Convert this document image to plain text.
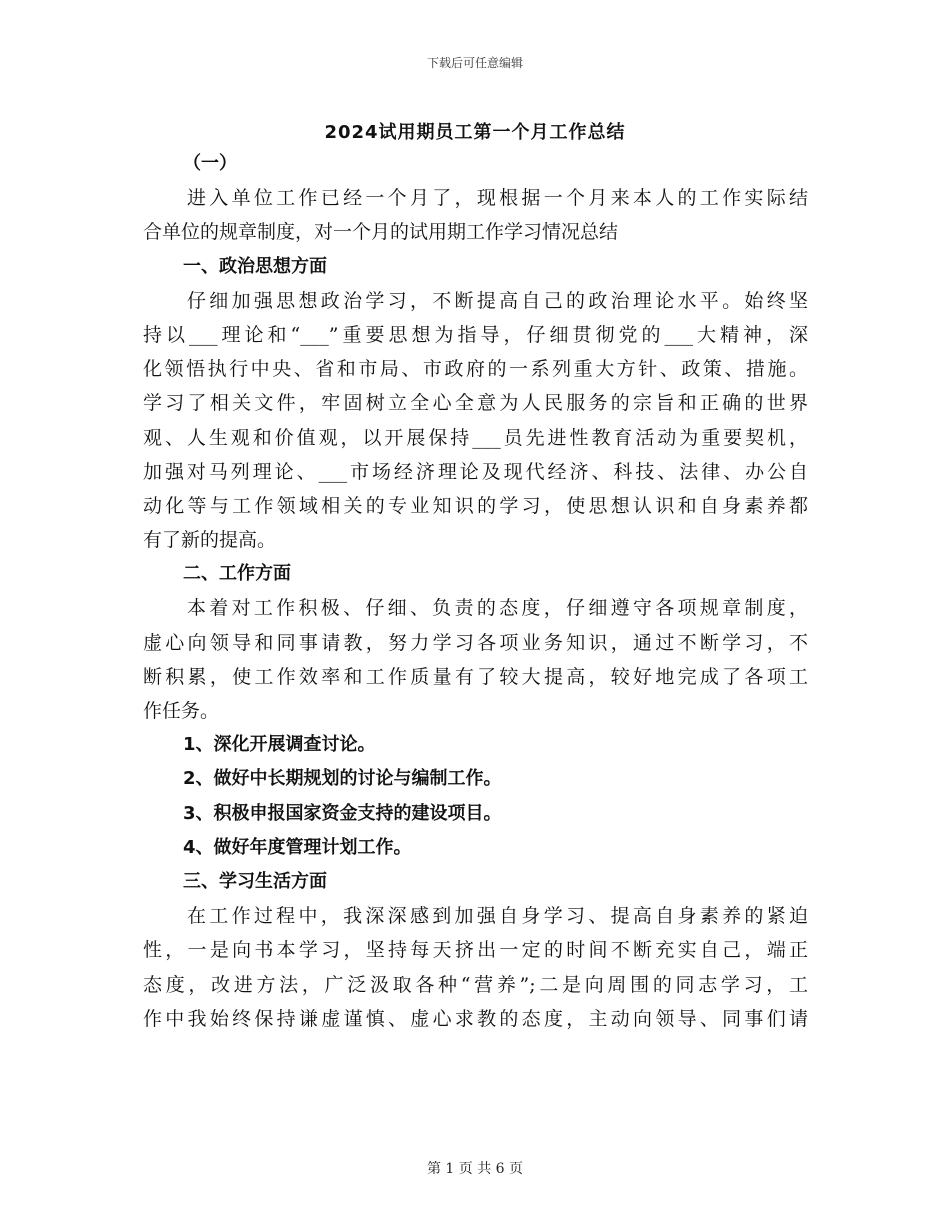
下载后可任意编辑
2024试用期员工第一个月工作总结
（一）
进入单位工作已经一个月了，现根据一个月来本人的工作实际结
合单位的规章制度，对一个月的试用期工作学习情况总结
一、政治思想方面
仔细加强思想政治学习，不断提高自己的政治理论水平。始终坚
持以___理论和“___”重要思想为指导，仔细贯彻党的___大精神，深
化领悟执行中央、省和市局、市政府的一系列重大方针、政策、措施。
学习了相关文件，牢固树立全心全意为人民服务的宗旨和正确的世界
观、人生观和价值观，以开展保持___员先进性教育活动为重要契机，
加强对马列理论、___市场经济理论及现代经济、科技、法律、办公自
动化等与工作领域相关的专业知识的学习，使思想认识和自身素养都
有了新的提高。
二、工作方面
本着对工作积极、仔细、负责的态度，仔细遵守各项规章制度，
虚心向领导和同事请教，努力学习各项业务知识，通过不断学习，不
断积累，使工作效率和工作质量有了较大提高，较好地完成了各项工
作任务。
1、深化开展调查讨论。
2、做好中长期规划的讨论与编制工作。
3、积极申报国家资金支持的建设项目。
4、做好年度管理计划工作。
三、学习生活方面
在工作过程中，我深深感到加强自身学习、提高自身素养的紧迫
性，一是向书本学习，坚持每天挤出一定的时间不断充实自己，端正
态度，改进方法，广泛汲取各种“营养”;二是向周围的同志学习，工
作中我始终保持谦虚谨慎、虚心求教的态度，主动向领导、同事们请
第 1 页 共 6 页
